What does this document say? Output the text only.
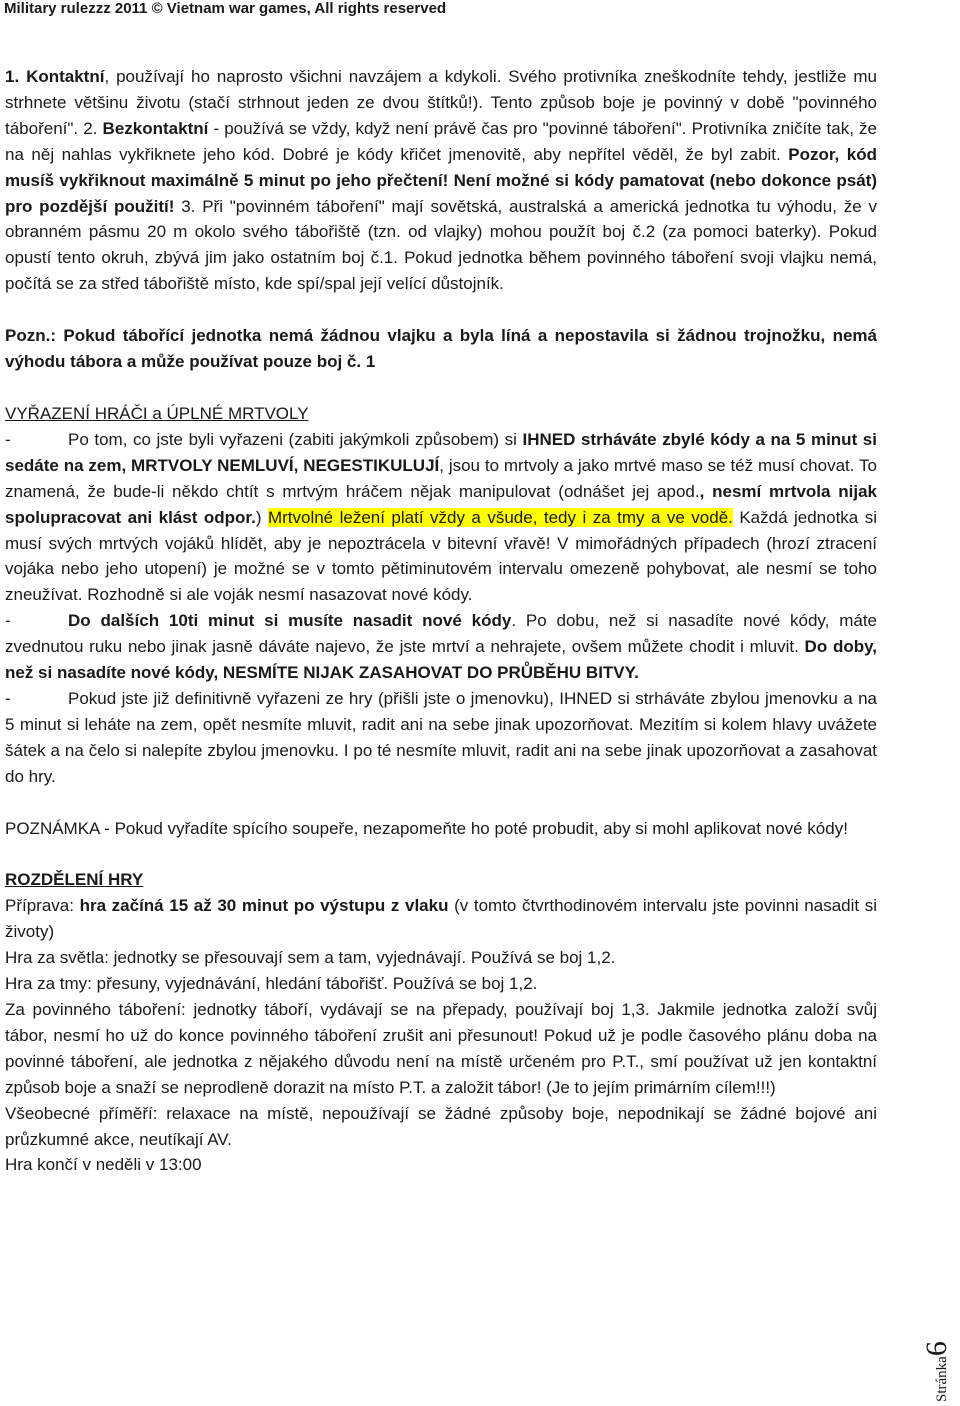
Military rulezzz 2011 © Vietnam war games, All rights reserved

1. Kontaktní, používají ho naprosto všichni navzájem a kdykoli. Svého protivníka zneškodníte tehdy, jestliže mu strhnete většinu životu (stačí strhnout jeden ze dvou štítků!). Tento způsob boje je povinný v době "povinného táboření". 2. Bezkontaktní - používá se vždy, když není právě čas pro "povinné táboření". Protivníka zničíte tak, že na něj nahlas vykřiknete jeho kód. Dobré je kódy křičet jmenovitě, aby nepřítel věděl, že byl zabit. Pozor, kód musíš vykřiknout maximálně 5 minut po jeho přečtení! Není možné si kódy pamatovat (nebo dokonce psát) pro pozdější použití! 3. Při "povinném táboření" mají sovětská, australská a americká jednotka tu výhodu, že v obranném pásmu 20 m okolo svého tábořiště (tzn. od vlajky) mohou použít boj č.2 (za pomoci baterky). Pokud opustí tento okruh, zbývá jim jako ostatním boj č.1. Pokud jednotka během povinného táboření svoji vlajku nemá, počítá se za střed tábořiště místo, kde spí/spal její velící důstojník.

Pozn.: Pokud tábořící jednotka nemá žádnou vlajku a byla líná a nepostavila si žádnou trojnožku, nemá výhodu tábora a může používat pouze boj č. 1

VYŘAZENÍ HRÁČI a ÚPLNÉ MRTVOLY

-	Po tom, co jste byli vyřazeni (zabiti jakýmkoli způsobem) si IHNED strháváte zbylé kódy a na 5 minut si sedáte na zem, MRTVOLY NEMLUVÍ, NEGESTIKULUJÍ, jsou to mrtvoly a jako mrtvé maso se též musí chovat. To znamená, že bude-li někdo chtít s mrtvým hráčem nějak manipulovat (odnášet jej apod., nesmí mrtvola nijak spolupracovat ani klást odpor.) Mrtvolné ležení platí vždy a všude, tedy i za tmy a ve vodě. Každá jednotka si musí svých mrtvých vojáků hlídět, aby je nepoztrácela v bitevní vřavě! V mimořádných případech (hrozí ztracení vojáka nebo jeho utopení) je možné se v tomto pětiminutovém intervalu omezeně pohybovat, ale nesmí se toho zneužívat. Rozhodně si ale voják nesmí nasazovat nové kódy.

-	Do dalších 10ti minut si musíte nasadit nové kódy. Po dobu, než si nasadíte nové kódy, máte zvednutou ruku nebo jinak jasně dáváte najevo, že jste mrtví a nehrajete, ovšem můžete chodit i mluvit. Do doby, než si nasadíte nové kódy, NESMÍTE NIJAK ZASAHOVAT DO PRŮBĚHU BITVY.

-	Pokud jste již definitivně vyřazeni ze hry (přišli jste o jmenovku), IHNED si strháváte zbylou jmenovku a na 5 minut si lehátе na zem, opět nesmíte mluvit, radit ani na sebe jinak upozorňovat. Mezitím si kolem hlavy uvážete šátek a na čelo si nalepíte zbylou jmenovku. I po té nesmíte mluvit, radit ani na sebe jinak upozorňovat a zasahovat do hry.

POZNÁMKA - Pokud vyřadíte spícího soupeře, nezapomeňte ho poté probudit, aby si mohl aplikovat nové kódy!

ROZDĚLENÍ HRY

Příprava: hra začíná 15 až 30 minut po výstupu z vlaku (v tomto čtvrthodinovém intervalu jste povinni nasadit si životy)

Hra za světla: jednotky se přesouvají sem a tam, vyjednávají. Používá se boj 1,2.

Hra za tmy: přesuny, vyjednávání, hledání tábořišť. Používá se boj 1,2.

Za povinného táboření: jednotky táboří, vydávají se na přepady, používají boj 1,3. Jakmile jednotka založí svůj tábor, nesmí ho už do konce povinného táboření zrušit ani přesunout! Pokud už je podle časového plánu doba na povinné táboření, ale jednotka z nějakého důvodu není na místě určeném pro P.T., smí používat už jen kontaktní způsob boje a snaží se neprodleně dorazit na místo P.T. a založit tábor! (Je to jejím primárním cílem!!!)

Všeobecné příměří: relaxace na místě, nepoužívají se žádné způsoby boje, nepodnikají se žádné bojové ani průzkumné akce, neutíkají AV.

Hra končí v neděli v 13:00

Stránka6
